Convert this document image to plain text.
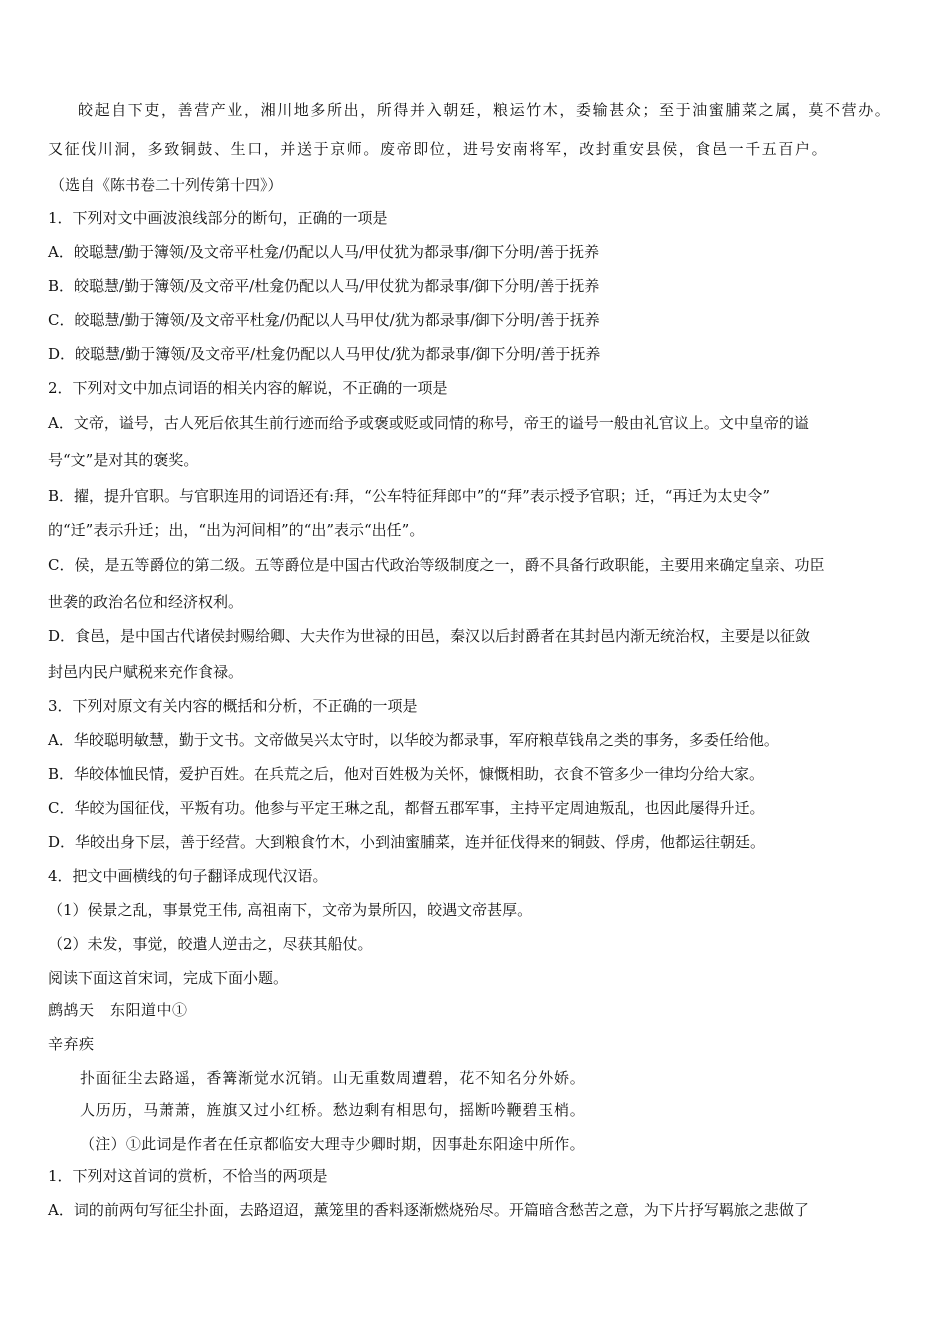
皎起自下吏，善营产业，湘川地多所出，所得并入朝廷，粮运竹木，委输甚众；至于油蜜脯菜之属，莫不营办。
又征伐川洞，多致铜鼓、生口，并送于京师。废帝即位，进号安南将军，改封重安县侯，食邑一千五百户。
（选自《陈书卷二十列传第十四》）
1．下列对文中画波浪线部分的断句，正确的一项是
A．皎聪慧/勤于簿领/及文帝平杜龛/仍配以人马/甲仗犹为都录事/御下分明/善于抚养
B．皎聪慧/勤于簿领/及文帝平/杜龛仍配以人马/甲仗犹为都录事/御下分明/善于抚养
C．皎聪慧/勤于簿领/及文帝平杜龛/仍配以人马甲仗/犹为都录事/御下分明/善于抚养
D．皎聪慧/勤于簿领/及文帝平/杜龛仍配以人马甲仗/犹为都录事/御下分明/善于抚养
2．下列对文中加点词语的相关内容的解说，不正确的一项是
A．文帝，谥号，古人死后依其生前行迹而给予或褒或贬或同情的称号，帝王的谥号一般由礼官议上。文中皇帝的谥
号“文”是对其的褒奖。
B．擢，提升官职。与官职连用的词语还有:拜，“公车特征拜郎中”的“拜”表示授予官职；迁，“再迁为太史令”
的“迁”表示升迁；出，“出为河间相”的“出”表示“出任”。
C．侯，是五等爵位的第二级。五等爵位是中国古代政治等级制度之一，爵不具备行政职能，主要用来确定皇亲、功臣
世袭的政治名位和经济权利。
D．食邑，是中国古代诸侯封赐给卿、大夫作为世禄的田邑，秦汉以后封爵者在其封邑内渐无统治权，主要是以征敛
封邑内民户赋税来充作食禄。
3．下列对原文有关内容的概括和分析，不正确的一项是
A．华皎聪明敏慧，勤于文书。文帝做吴兴太守时，以华皎为都录事，军府粮草钱帛之类的事务，多委任给他。
B．华皎体恤民情，爱护百姓。在兵荒之后，他对百姓极为关怀，慷慨相助，衣食不管多少一律均分给大家。
C．华皎为国征伐，平叛有功。他参与平定王琳之乱，都督五郡军事，主持平定周迪叛乱，也因此屡得升迁。
D．华皎出身下层，善于经营。大到粮食竹木，小到油蜜脯菜，连并征伐得来的铜鼓、俘虏，他都运往朝廷。
4．把文中画横线的句子翻译成现代汉语。
（1）侯景之乱，事景党王伟, 高祖南下，文帝为景所囚，皎遇文帝甚厚。
（2）未发，事觉，皎遣人逆击之，尽获其船仗。
阅读下面这首宋词，完成下面小题。
鹧鸪天　东阳道中①
辛弃疾
扑面征尘去路遥，香篝渐觉水沉销。山无重数周遭碧，花不知名分外娇。
人历历，马萧萧，旌旗又过小红桥。愁边剩有相思句，摇断吟鞭碧玉梢。
（注）①此词是作者在任京都临安大理寺少卿时期，因事赴东阳途中所作。
1．下列对这首词的赏析，不恰当的两项是
A．词的前两句写征尘扑面，去路迢迢，薰笼里的香料逐渐燃烧殆尽。开篇暗含愁苦之意，为下片抒写羁旅之悲做了
